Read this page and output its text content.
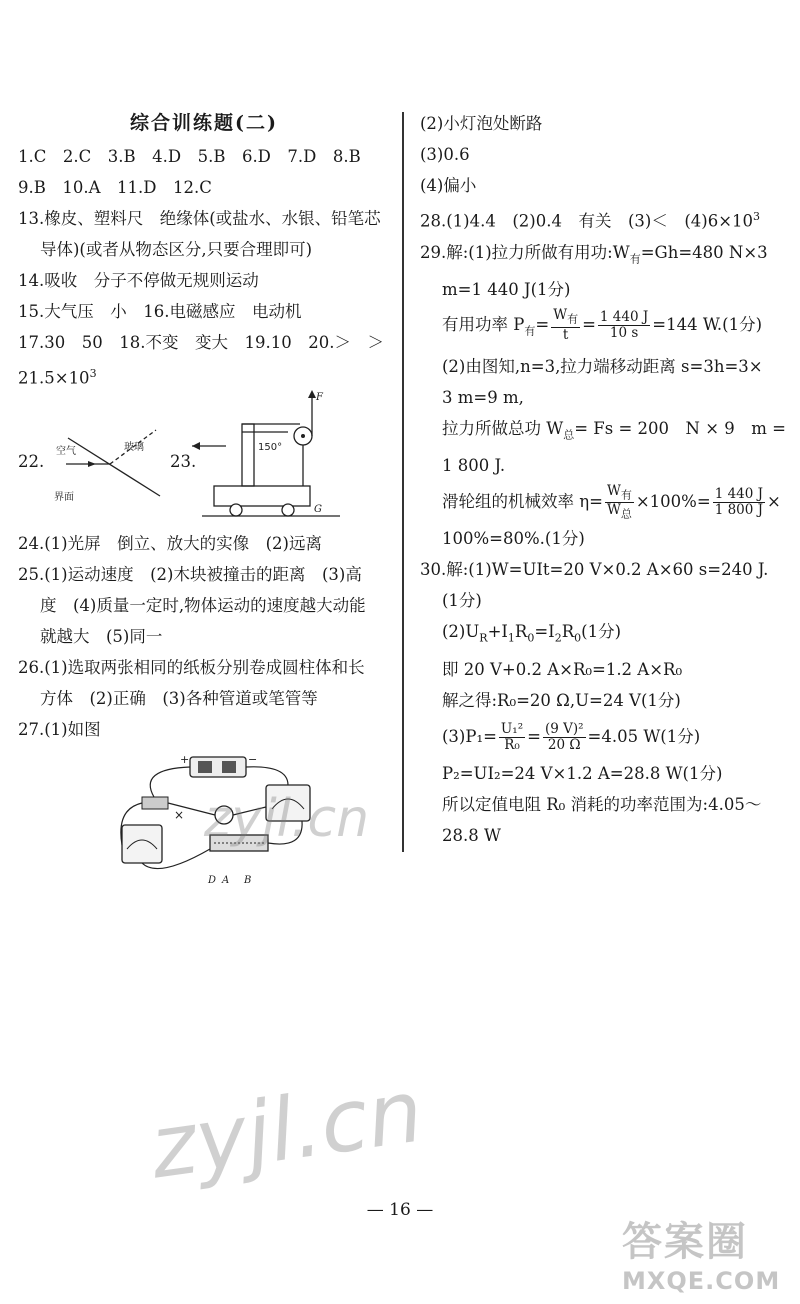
综合训练题(二)
1.C　2.C　3.B　4.D　5.B　6.D　7.D　8.B
9.B　10.A　11.D　12.C
13.橡皮、塑料尺　绝缘体(或盐水、水银、铅笔芯
导体)(或者从物态区分,只要合理即可)
14.吸收　分子不停做无规则运动
15.大气压　小　16.电磁感应　电动机
17.30　50　18.不变　变大　19.10　20.＞　＞
$21.5\times 10^3$
22.
空气	玻璃
界面
23.
F
150°
G
24.(1)光屏　倒立、放大的实像　(2)远离
25.(1)运动速度　(2)木块被撞击的距离　(3)高
度　(4)质量一定时,物体运动的速度越大动能
就越大　(5)同一
26.(1)选取两张相同的纸板分别卷成圆柱体和长
方体　(2)正确　(3)各种管道或笔管等
27.(1)如图
+	−
×
D A B
zyjl.cn
(2)小灯泡处断路
(3)0.6
(4)偏小
28.(1)4.4　(2)0.4　有关　(3)＜　$(4)6\times 10^3$
29.解:(1)拉力所做有用功$:W_有=Gh=480$ N×3
m=1 440 J(1分)
有用功率 $P_有= \frac{W_有}{t} = \frac{1 440 J}{10 s} =144$ W.(1分)
(2)由图知,n=3,拉力端移动距离 s=3h=3×
3 m=9 m,
拉力所做总功 $W_总= Fs = 200$　N × 9　m =
1 800 J.
滑轮组的机械效率 $\eta= \frac{W_有}{W_总} \times 100\%= \frac{1 440 J}{1 800 J}$ ×
100%=80%.(1分)
30.解:(1)W=UIt=20 V×0.2 A×60 s=240 J.
(1分)
$(2)U_R+I_1R_0=I_2R_0(1$分)
即 20 V+0.2 A×R₀=1.2 A×R₀
解之得:R₀=20 Ω,U=24 V(1分)
$(3)P_1= \frac{\text{U₁²}}{\text{R₀}} = \frac{\text{(9 V)²}}{20 \Omega} =4.05$ W(1分)
P₂=UI₂=24 V×1.2 A=28.8 W(1分)
所以定值电阻 R₀ 消耗的功率范围为:4.05～
28.8 W
zyjl.cn
— 16 —
答案圈
MXQE.COM
